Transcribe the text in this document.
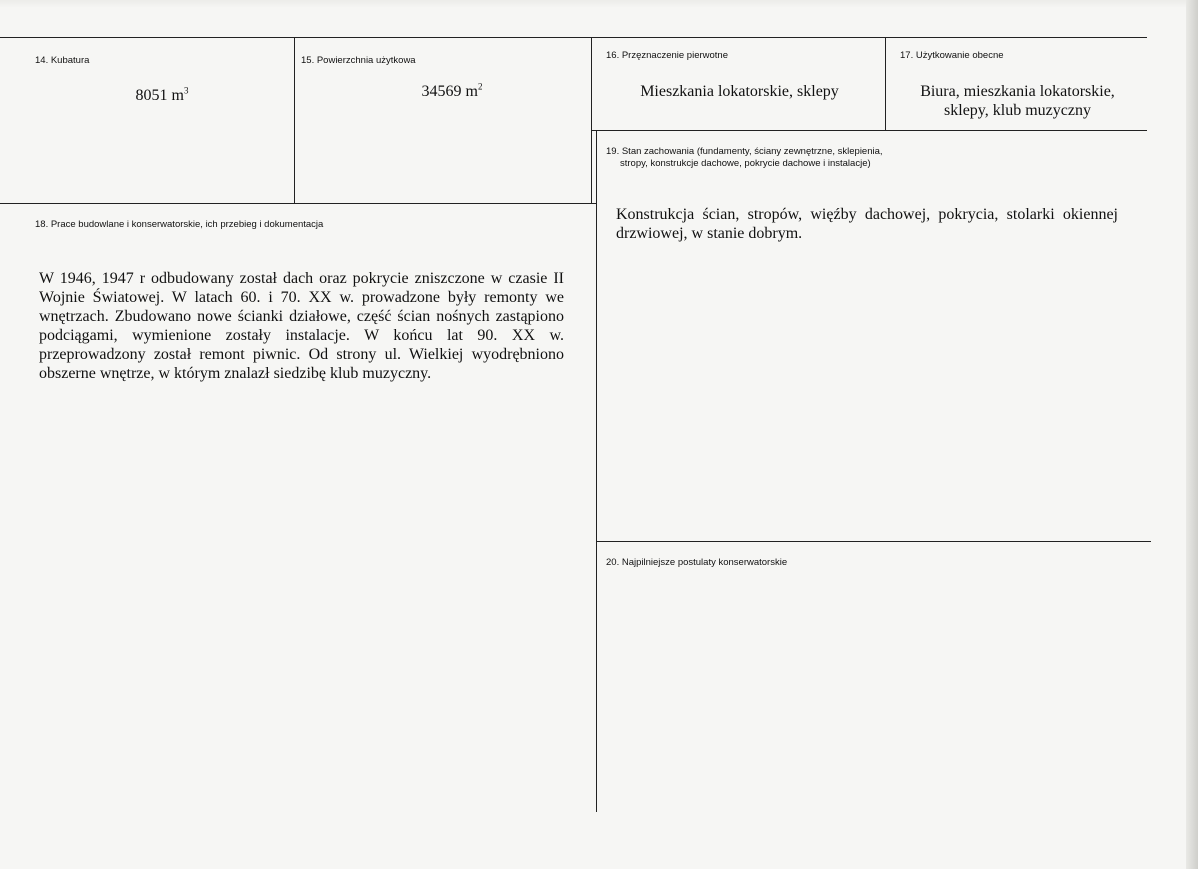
14. Kubatura
8051 $m^3$
15. Powierzchnia użytkowa
34569 $m^2$
16. Przęznaczenie pierwotne
Mieszkania lokatorskie, sklepy
17. Użytkowanie obecne
Biura, mieszkania lokatorskie,
sklepy, klub muzyczny
19. Stan zachowania (fundamenty, ściany zewnętrzne, sklepienia,
stropy, konstrukcje dachowe, pokrycie dachowe i instalacje)
Konstrukcja ścian, stropów, więźby dachowej, pokrycia, stolarki okiennej drzwiowej, w stanie dobrym.
18. Prace budowlane i konserwatorskie, ich przebieg i dokumentacja
W 1946, 1947 r odbudowany został dach oraz pokrycie zniszczone w czasie II Wojnie Światowej. W latach 60. i 70. XX w. prowadzone były remonty we wnętrzach. Zbudowano nowe ścianki działowe, część ścian nośnych zastąpiono podciągami, wymienione zostały instalacje. W końcu lat 90. XX w. przeprowadzony został remont piwnic. Od strony ul. Wielkiej wyodrębniono obszerne wnętrze, w którym znalazł siedzibę klub muzyczny.
20. Najpilniejsze postulaty konserwatorskie
